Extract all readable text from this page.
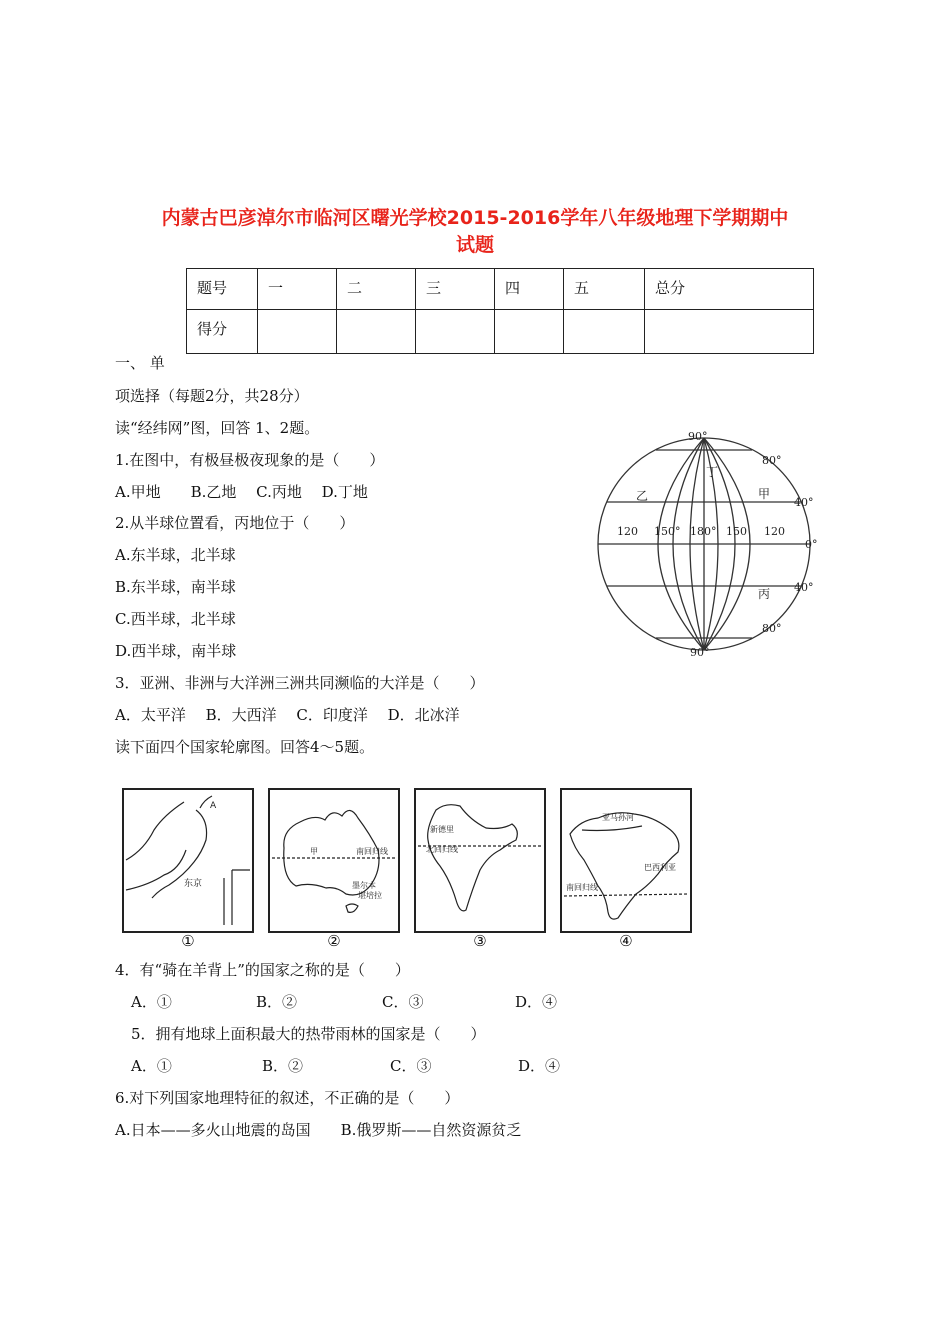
内蒙古巴彦淖尔市临河区曙光学校2015-2016学年八年级地理下学期期中
试题
题号	一	二	三	四	五	总分
得分						
一、 单
项选择（每题2分，共28分）
读“经纬网”图，回答 1、2题。
1.在图中，有极昼极夜现象的是（　　）
A.甲地　　B.乙地　 C.丙地　 D.丁地
2.从半球位置看，丙地位于（　　）
A.东半球，北半球
B.东半球，南半球
C.西半球，北半球
D.西半球，南半球
3．亚洲、非洲与大洋洲三洲共同濒临的大洋是（　　）
A．太平洋　 B．大西洋　 C．印度洋　 D．北冰洋
读下面四个国家轮廓图。回答4～5题。
90°
80°
40°
0°
40°
80°
90°
120 150° 180° 150 120
丁
乙	甲
丙
A
东京
①
甲	南回归线
墨尔本
堪培拉
②
新德里
北回归线
③
亚马孙河
巴西利亚
南回归线
④
4．有“骑在羊背上”的国家之称的是（　　）
A．①	B．②	C．③	D．④
5．拥有地球上面积最大的热带雨林的国家是（　　）
A．①	B．②	C．③	D．④
6.对下列国家地理特征的叙述，不正确的是（　　）
A.日本——多火山地震的岛国　　B.俄罗斯——自然资源贫乏
